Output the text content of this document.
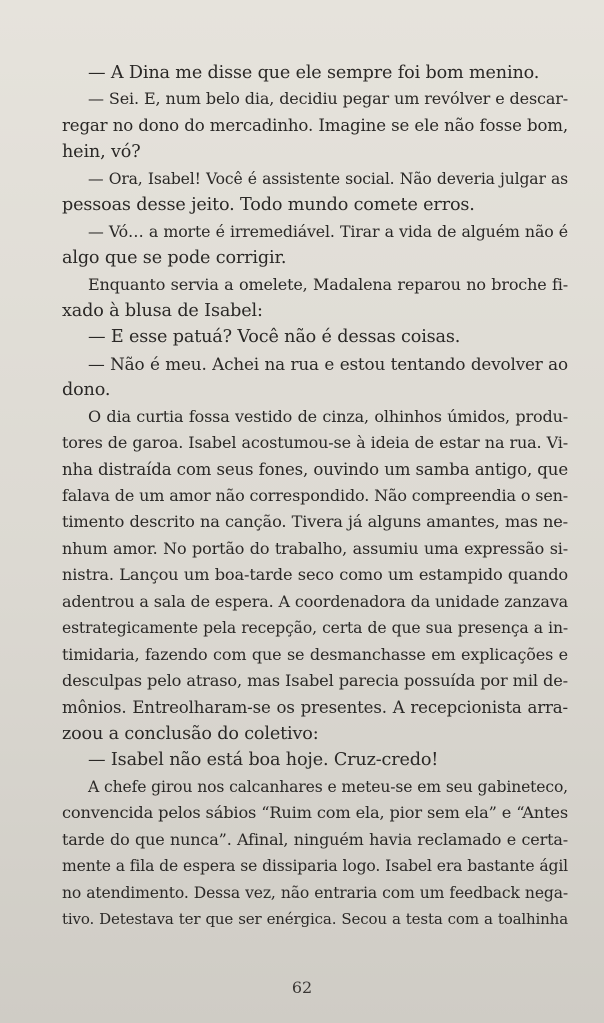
— A Dina me disse que ele sempre foi bom menino.
— Sei. E, num belo dia, decidiu pegar um revólver e descar-
regar no dono do mercadinho. Imagine se ele não fosse bom,
hein, vó?
— Ora, Isabel! Você é assistente social. Não deveria julgar as
pessoas desse jeito. Todo mundo comete erros.
— Vó… a morte é irremediável. Tirar a vida de alguém não é
algo que se pode corrigir.
Enquanto servia a omelete, Madalena reparou no broche fi-
xado à blusa de Isabel:
— E esse patuá? Você não é dessas coisas.
— Não é meu. Achei na rua e estou tentando devolver ao
dono.
O dia curtia fossa vestido de cinza, olhinhos úmidos, produ-
tores de garoa. Isabel acostumou-se à ideia de estar na rua. Vi-
nha distraída com seus fones, ouvindo um samba antigo, que
falava de um amor não correspondido. Não compreendia o sen-
timento descrito na canção. Tivera já alguns amantes, mas ne-
nhum amor. No portão do trabalho, assumiu uma expressão si-
nistra. Lançou um boa-tarde seco como um estampido quando
adentrou a sala de espera. A coordenadora da unidade zanzava
estrategicamente pela recepção, certa de que sua presença a in-
timidaria, fazendo com que se desmanchasse em explicações e
desculpas pelo atraso, mas Isabel parecia possuída por mil de-
mônios. Entreolharam-se os presentes. A recepcionista arra-
zoou a conclusão do coletivo:
— Isabel não está boa hoje. Cruz-credo!
A chefe girou nos calcanhares e meteu-se em seu gabineteco,
convencida pelos sábios “Ruim com ela, pior sem ela” e “Antes
tarde do que nunca”. Afinal, ninguém havia reclamado e certa-
mente a fila de espera se dissiparia logo. Isabel era bastante ágil
no atendimento. Dessa vez, não entraria com um feedback nega-
tivo. Detestava ter que ser enérgica. Secou a testa com a toalhinha
62
